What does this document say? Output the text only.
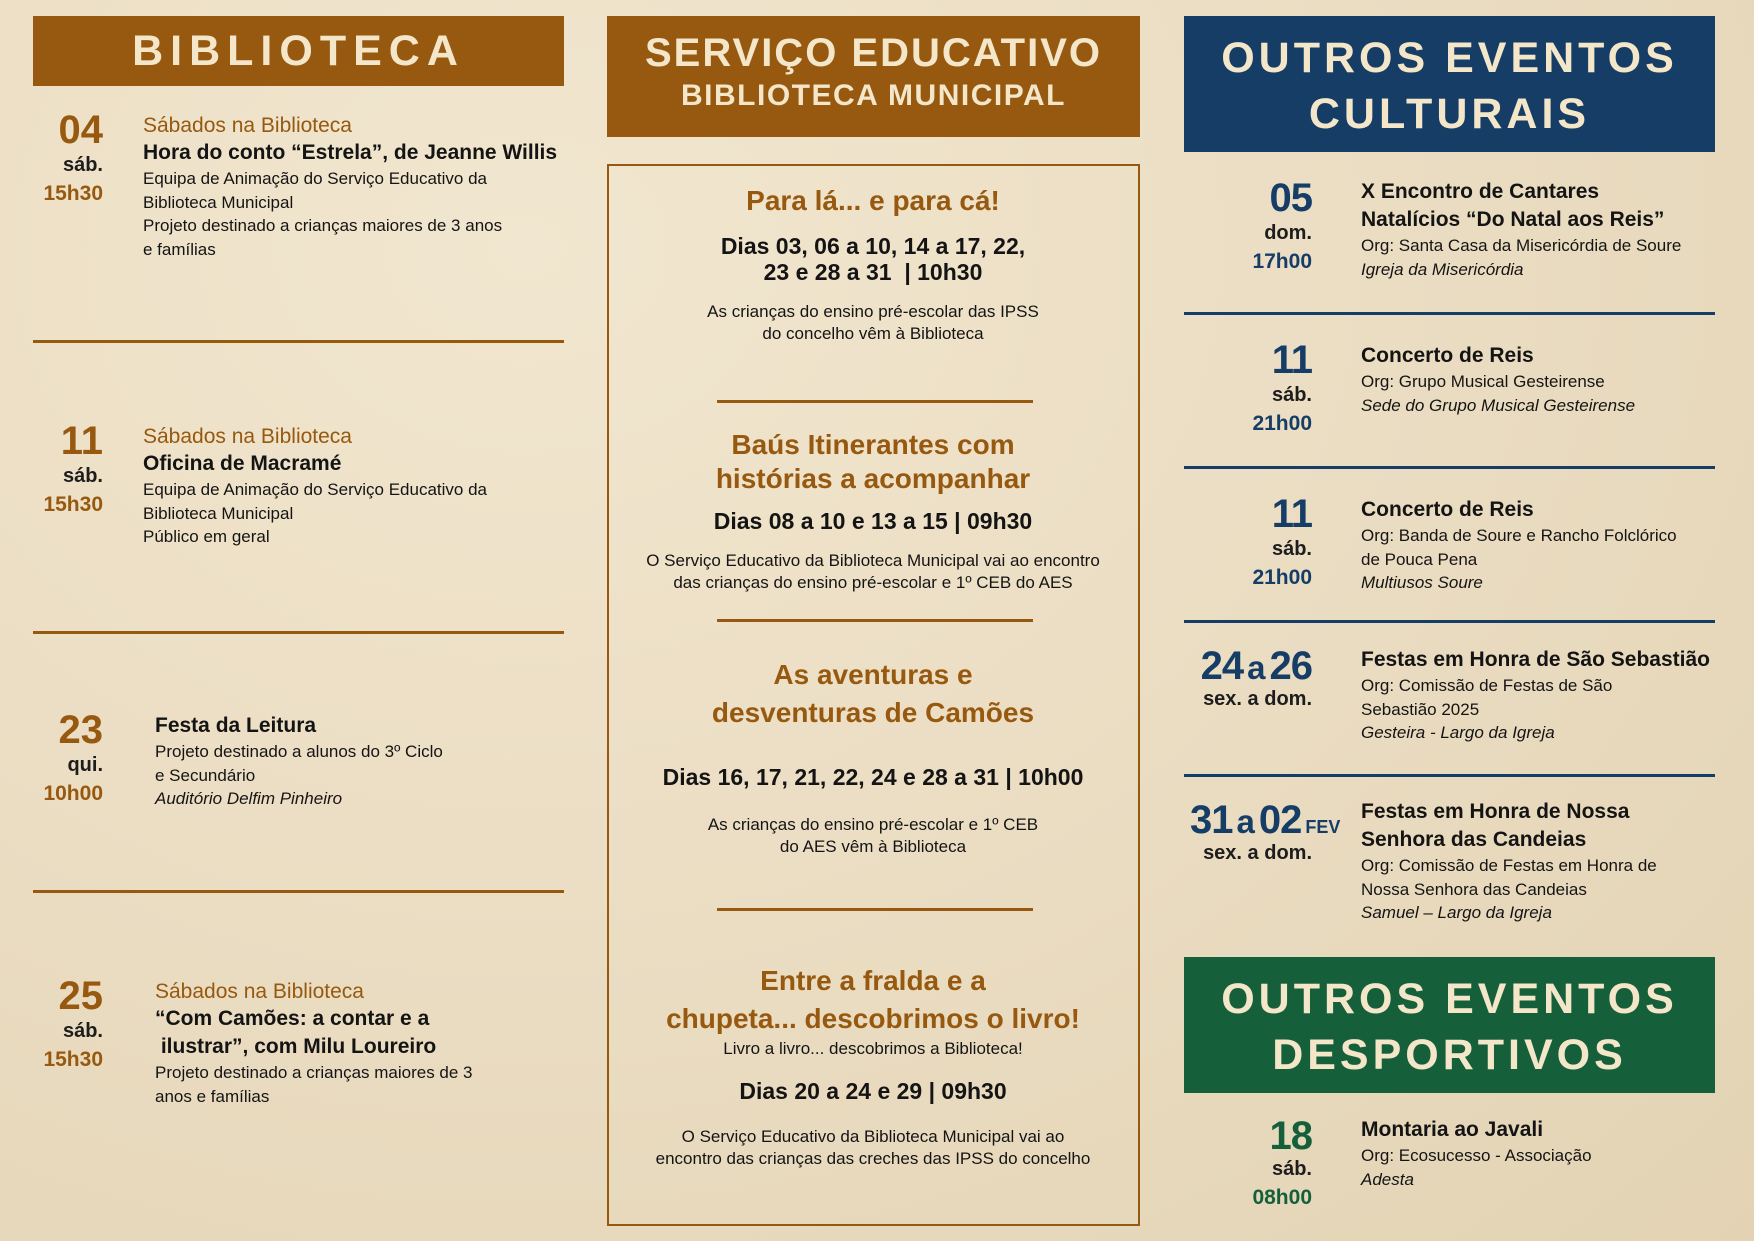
BIBLIOTECA
04
sáb.
15h30
Sábados na Biblioteca
Hora do conto “Estrela”, de Jeanne Willis
Equipa de Animação do Serviço Educativo da
Biblioteca Municipal
Projeto destinado a crianças maiores de 3 anos
e famílias
11
sáb.
15h30
Sábados na Biblioteca
Oficina de Macramé
Equipa de Animação do Serviço Educativo da
Biblioteca Municipal
Público em geral
23
qui.
10h00
Festa da Leitura
Projeto destinado a alunos do 3º Ciclo
e Secundário
Auditório Delfim Pinheiro
25
sáb.
15h30
Sábados na Biblioteca
“Com Camões: a contar e a
ilustrar”, com Milu Loureiro
Projeto destinado a crianças maiores de 3
anos e famílias
SERVIÇO EDUCATIVO
BIBLIOTECA MUNICIPAL
Para lá... e para cá!
Dias 03, 06 a 10, 14 a 17, 22,
23 e 28 a 31  | 10h30
As crianças do ensino pré-escolar das IPSS
do concelho vêm à Biblioteca
Baús Itinerantes com
histórias a acompanhar
Dias 08 a 10 e 13 a 15 | 09h30
O Serviço Educativo da Biblioteca Municipal vai ao encontro
das crianças do ensino pré-escolar e 1º CEB do AES
As aventuras e
desventuras de Camões
Dias 16, 17, 21, 22, 24 e 28 a 31 | 10h00
As crianças do ensino pré-escolar e 1º CEB
do AES vêm à Biblioteca
Entre a fralda e a
chupeta... descobrimos o livro!
Livro a livro... descobrimos a Biblioteca!
Dias 20 a 24 e 29 | 09h30
O Serviço Educativo da Biblioteca Municipal vai ao
encontro das crianças das creches das IPSS do concelho
OUTROS EVENTOS
CULTURAIS
05
dom.
17h00
X Encontro de Cantares
Natalícios “Do Natal aos Reis”
Org: Santa Casa da Misericórdia de Soure
Igreja da Misericórdia
11
sáb.
21h00
Concerto de Reis
Org: Grupo Musical Gesteirense
Sede do Grupo Musical Gesteirense
11
sáb.
21h00
Concerto de Reis
Org: Banda de Soure e Rancho Folclórico
de Pouca Pena
Multiusos Soure
24 a 26
sex. a dom.
Festas em Honra de São Sebastião
Org: Comissão de Festas de São
Sebastião 2025
Gesteira - Largo da Igreja
31 a 02 FEV
sex. a dom.
Festas em Honra de Nossa
Senhora das Candeias
Org: Comissão de Festas em Honra de
Nossa Senhora das Candeias
Samuel – Largo da Igreja
OUTROS EVENTOS
DESPORTIVOS
18
sáb.
08h00
Montaria ao Javali
Org: Ecosucesso - Associação
Adesta
